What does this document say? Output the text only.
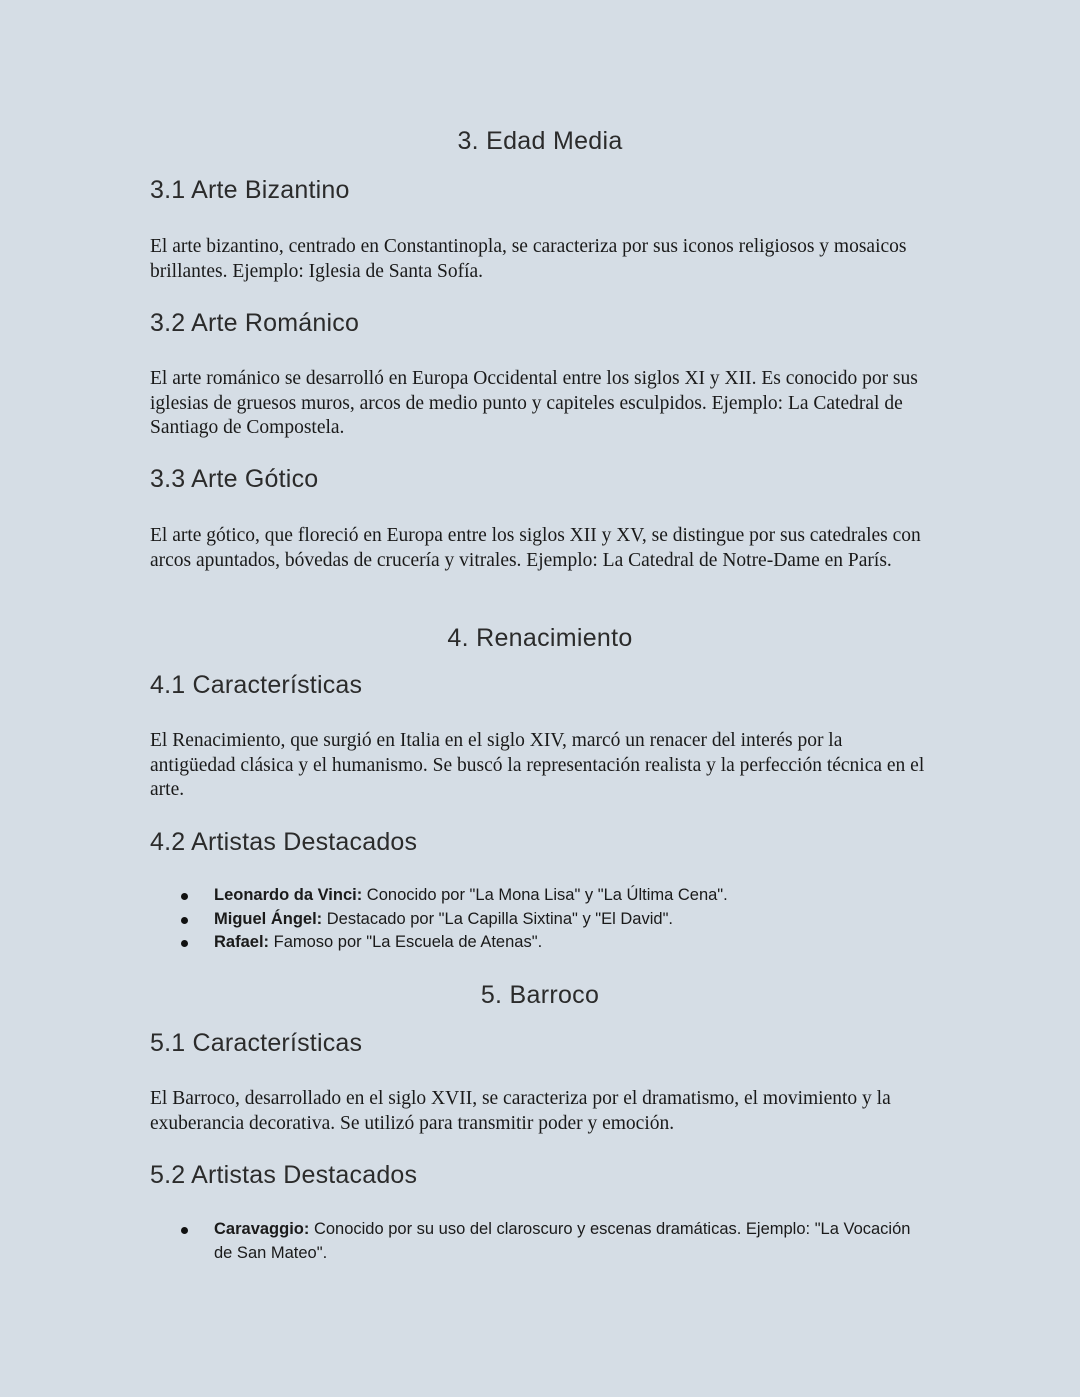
3. Edad Media
3.1 Arte Bizantino

El arte bizantino, centrado en Constantinopla, se caracteriza por sus iconos religiosos y mosaicos brillantes. Ejemplo: Iglesia de Santa Sofía.

3.2 Arte Románico

El arte románico se desarrolló en Europa Occidental entre los siglos XI y XII. Es conocido por sus iglesias de gruesos muros, arcos de medio punto y capiteles esculpidos. Ejemplo: La Catedral de Santiago de Compostela.

3.3 Arte Gótico

El arte gótico, que floreció en Europa entre los siglos XII y XV, se distingue por sus catedrales con arcos apuntados, bóvedas de crucería y vitrales. Ejemplo: La Catedral de Notre-Dame en París.

4. Renacimiento
4.1 Características

El Renacimiento, que surgió en Italia en el siglo XIV, marcó un renacer del interés por la antigüedad clásica y el humanismo. Se buscó la representación realista y la perfección técnica en el arte.

4.2 Artistas Destacados
Leonardo da Vinci: Conocido por "La Mona Lisa" y "La Última Cena".
Miguel Ángel: Destacado por "La Capilla Sixtina" y "El David".
Rafael: Famoso por "La Escuela de Atenas".
5. Barroco
5.1 Características

El Barroco, desarrollado en el siglo XVII, se caracteriza por el dramatismo, el movimiento y la exuberancia decorativa. Se utilizó para transmitir poder y emoción.

5.2 Artistas Destacados
Caravaggio: Conocido por su uso del claroscuro y escenas dramáticas. Ejemplo: "La Vocación de San Mateo".
